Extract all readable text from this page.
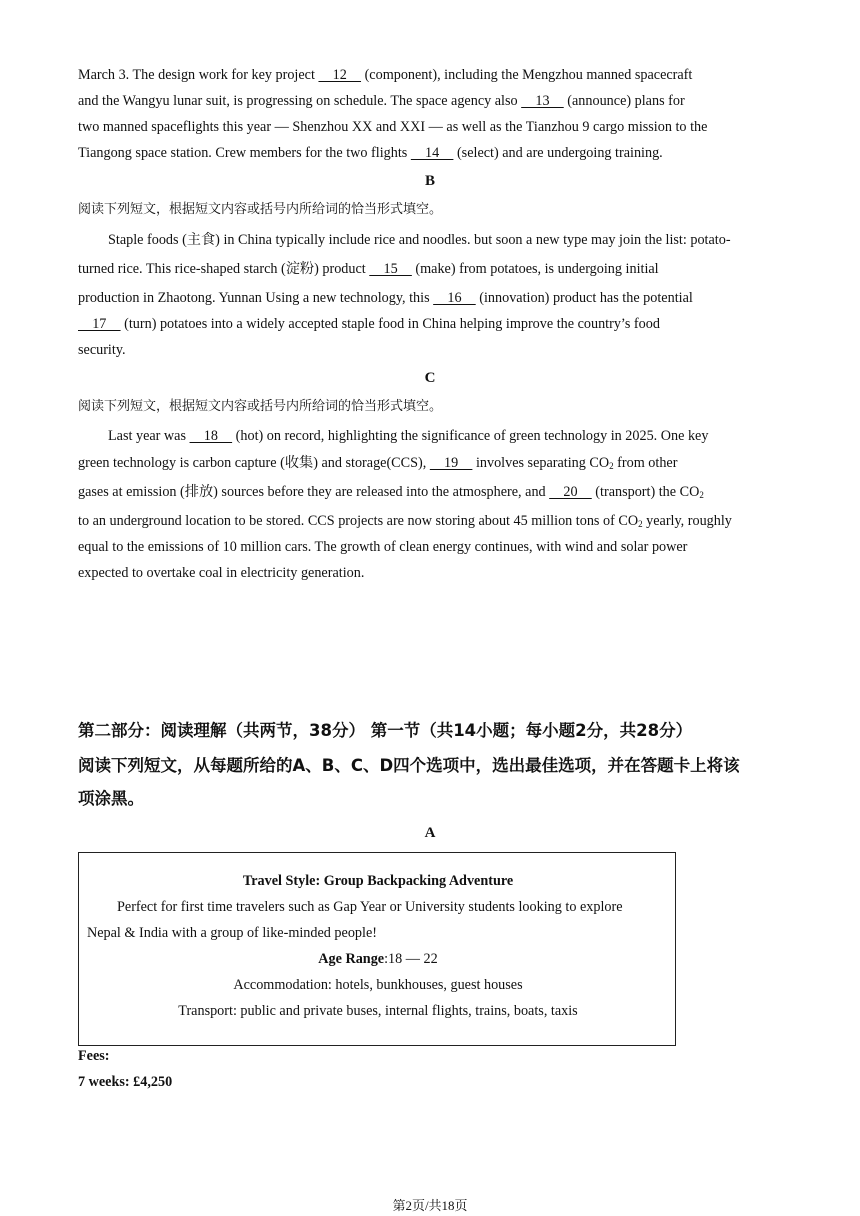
March 3. The design work for key project     12     (component), including the Mengzhou manned spacecraft
and the Wangyu lunar suit, is progressing on schedule. The space agency also     13     (announce) plans for
two manned spaceflights this year — Shenzhou XX and XXI — as well as the Tianzhou 9 cargo mission to the
Tiangong space station. Crew members for the two flights     14     (select) and are undergoing training.
B
阅读下列短文，根据短文内容或括号内所给词的恰当形式填空。
Staple foods (主食) in China typically include rice and noodles. but soon a new type may join the list: potato-
turned rice. This rice-shaped starch (淀粉) product     15     (make) from potatoes, is undergoing initial
production in Zhaotong. Yunnan Using a new technology, this     16     (innovation) product has the potential
17     (turn) potatoes into a widely accepted staple food in China helping improve the country’s food
security.
C
阅读下列短文，根据短文内容或括号内所给词的恰当形式填空。
Last year was     18     (hot) on record, highlighting the significance of green technology in 2025. One key
green technology is carbon capture (收集) and storage(CCS),     19     involves separating $CO_2$ from other
gases at emission (排放) sources before they are released into the atmosphere, and     20     (transport) the $CO_2$
to an underground location to be stored. CCS projects are now storing about 45 million tons of $CO_2$ yearly, roughly
equal to the emissions of 10 million cars. The growth of clean energy continues, with wind and solar power
expected to overtake coal in electricity generation.
第二部分：阅读理解（共两节，38分） 第一节（共14小题；每小题2分，共28分）
阅读下列短文，从每题所给的A、B、C、D四个选项中，选出最佳选项，并在答题卡上将该
项涂黑。
A
Travel Style: Group Backpacking Adventure
Perfect for first time travelers such as Gap Year or University students looking to explore
Nepal & India with a group of like-minded people!
Age Range:18 — 22
Accommodation: hotels, bunkhouses, guest houses
Transport: public and private buses, internal flights, trains, boats, taxis
Fees:
7 weeks: £4,250
第2页/共18页
